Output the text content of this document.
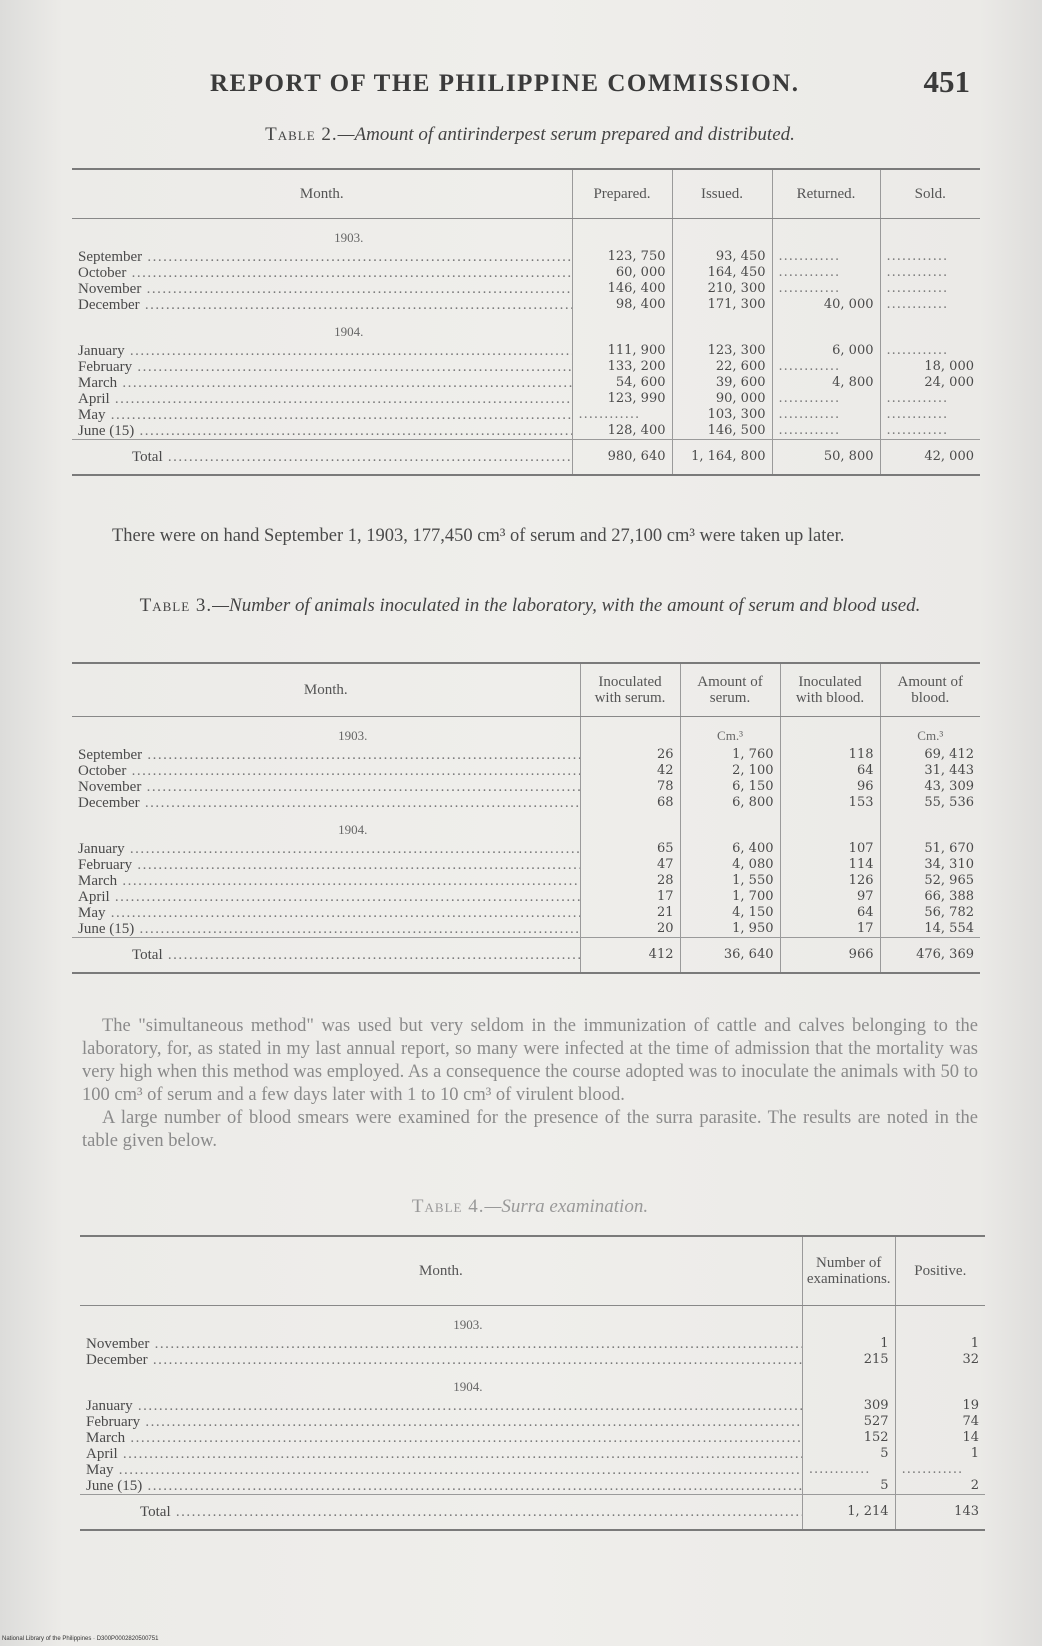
REPORT OF THE PHILIPPINE COMMISSION.	451
Table 2.—Amount of antirinderpest serum prepared and distributed.
Month.	Prepared.	Issued.	Returned.	Sold.
1903.				
September .....	123, 750	93, 450	.....	.....
October .....	60, 000	164, 450	.....	.....
November .....	146, 400	210, 300	.....	.....
December .....	98, 400	171, 300	40, 000	.....
1904.				
January .....	111, 900	123, 300	6, 000	.....
February .....	133, 200	22, 600	.....	18, 000
March .....	54, 600	39, 600	4, 800	24, 000
April .....	123, 990	90, 000	.....	.....
May .....	.....	103, 300	.....	.....
June (15) .....	128, 400	146, 500	.....	.....
Total .....	980, 640	1, 164, 800	50, 800	42, 000

There were on hand September 1, 1903, 177,450 cm³ of serum and 27,100 cm³ were taken up later.

Table 3.—Number of animals inoculated in the laboratory, with the amount of serum and blood used.
Month.	Inoculated with serum.	Amount of serum.	Inoculated with blood.	Amount of blood.
1903.		Cm.³		Cm.³
September .....	26	1, 760	118	69, 412
October .....	42	2, 100	64	31, 443
November .....	78	6, 150	96	43, 309
December .....	68	6, 800	153	55, 536
1904.				
January .....	65	6, 400	107	51, 670
February .....	47	4, 080	114	34, 310
March .....	28	1, 550	126	52, 965
April .....	17	1, 700	97	66, 388
May .....	21	4, 150	64	56, 782
June (15) .....	20	1, 950	17	14, 554
Total .....	412	36, 640	966	476, 369

The "simultaneous method" was used but very seldom in the immunization of cattle and calves belonging to the laboratory, for, as stated in my last annual report, so many were infected at the time of admission that the mortality was very high when this method was employed. As a consequence the course adopted was to inoculate the animals with 50 to 100 cm³ of serum and a few days later with 1 to 10 cm³ of virulent blood.

A large number of blood smears were examined for the presence of the surra parasite. The results are noted in the table given below.

Table 4.—Surra examination.
Month.	Number of examinations.	Positive.
1903.		
November .....	1	1
December .....	215	32
1904.		
January .....	309	19
February .....	527	74
March .....	152	14
April .....	5	1
May .....	.....	.....
June (15) .....	5	2
Total .....	1, 214	143
National Library of the Philippines · D300P0002820500751
